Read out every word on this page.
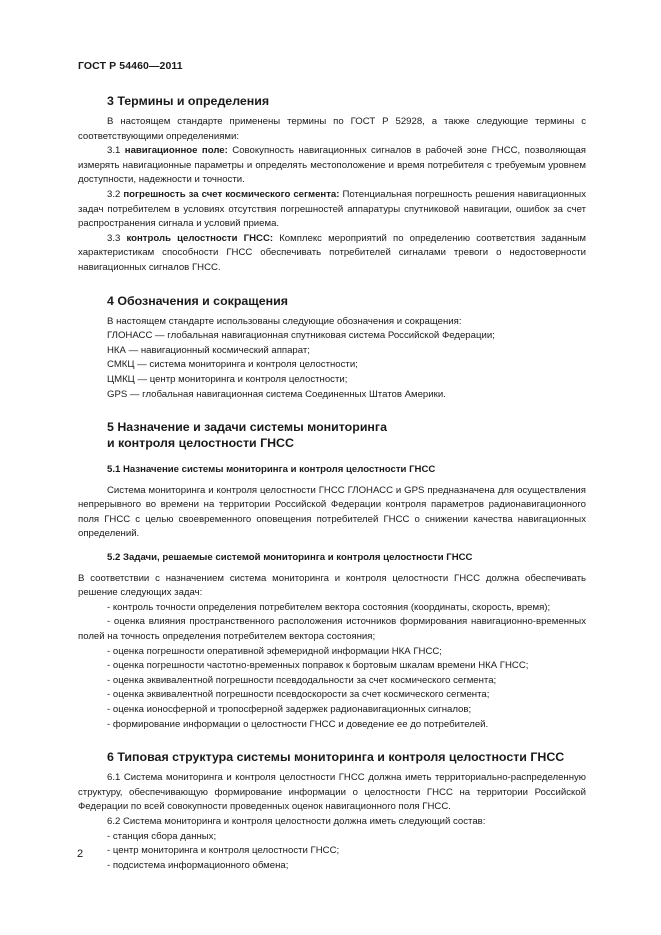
ГОСТ Р 54460—2011
3 Термины и определения

В настоящем стандарте применены термины по ГОСТ Р 52928, а также следующие термины с соответствующими определениями:

3.1 навигационное поле: Совокупность навигационных сигналов в рабочей зоне ГНСС, позволяющая измерять навигационные параметры и определять местоположение и время потребителя с требуемым уровнем доступности, надежности и точности.

3.2 погрешность за счет космического сегмента: Потенциальная погрешность решения навигационных задач потребителем в условиях отсутствия погрешностей аппаратуры спутниковой навигации, ошибок за счет распространения сигнала и условий приема.

3.3 контроль целостности ГНСС: Комплекс мероприятий по определению соответствия заданным характеристикам способности ГНСС обеспечивать потребителей сигналами тревоги о недостоверности навигационных сигналов ГНСС.

4 Обозначения и сокращения

В настоящем стандарте использованы следующие обозначения и сокращения:

ГЛОНАСС — глобальная навигационная спутниковая система Российской Федерации;

НКА — навигационный космический аппарат;

СМКЦ — система мониторинга и контроля целостности;

ЦМКЦ — центр мониторинга и контроля целостности;

GPS — глобальная навигационная система Соединенных Штатов Америки.

5 Назначение и задачи системы мониторинга
и контроля целостности ГНСС
5.1 Назначение системы мониторинга и контроля целостности ГНСС

Система мониторинга и контроля целостности ГНСС ГЛОНАСС и GPS предназначена для осуществления непрерывного во времени на территории Российской Федерации контроля параметров радионавигационного поля ГНСС с целью своевременного оповещения потребителей ГНСС о снижении качества навигационных определений.

5.2 Задачи, решаемые системой мониторинга и контроля целостности ГНСС

В соответствии с назначением система мониторинга и контроля целостности ГНСС должна обеспечивать решение следующих задач:

- контроль точности определения потребителем вектора состояния (координаты, скорость, время);

- оценка влияния пространственного расположения источников формирования навигационно-временных полей на точность определения потребителем вектора состояния;

- оценка погрешности оперативной эфемеридной информации НКА ГНСС;

- оценка погрешности частотно-временных поправок к бортовым шкалам времени НКА ГНСС;

- оценка эквивалентной погрешности псевдодальности за счет космического сегмента;

- оценка эквивалентной погрешности псевдоскорости за счет космического сегмента;

- оценка ионосферной и тропосферной задержек радионавигационных сигналов;

- формирование информации о целостности ГНСС и доведение ее до потребителей.

6 Типовая структура системы мониторинга и контроля целостности ГНСС

6.1 Система мониторинга и контроля целостности ГНСС должна иметь территориально-распределенную структуру, обеспечивающую формирование информации о целостности ГНСС на территории Российской Федерации по всей совокупности проведенных оценок навигационного поля ГНСС.

6.2 Система мониторинга и контроля целостности должна иметь следующий состав:

- станция сбора данных;

- центр мониторинга и контроля целостности ГНСС;

- подсистема информационного обмена;

2
